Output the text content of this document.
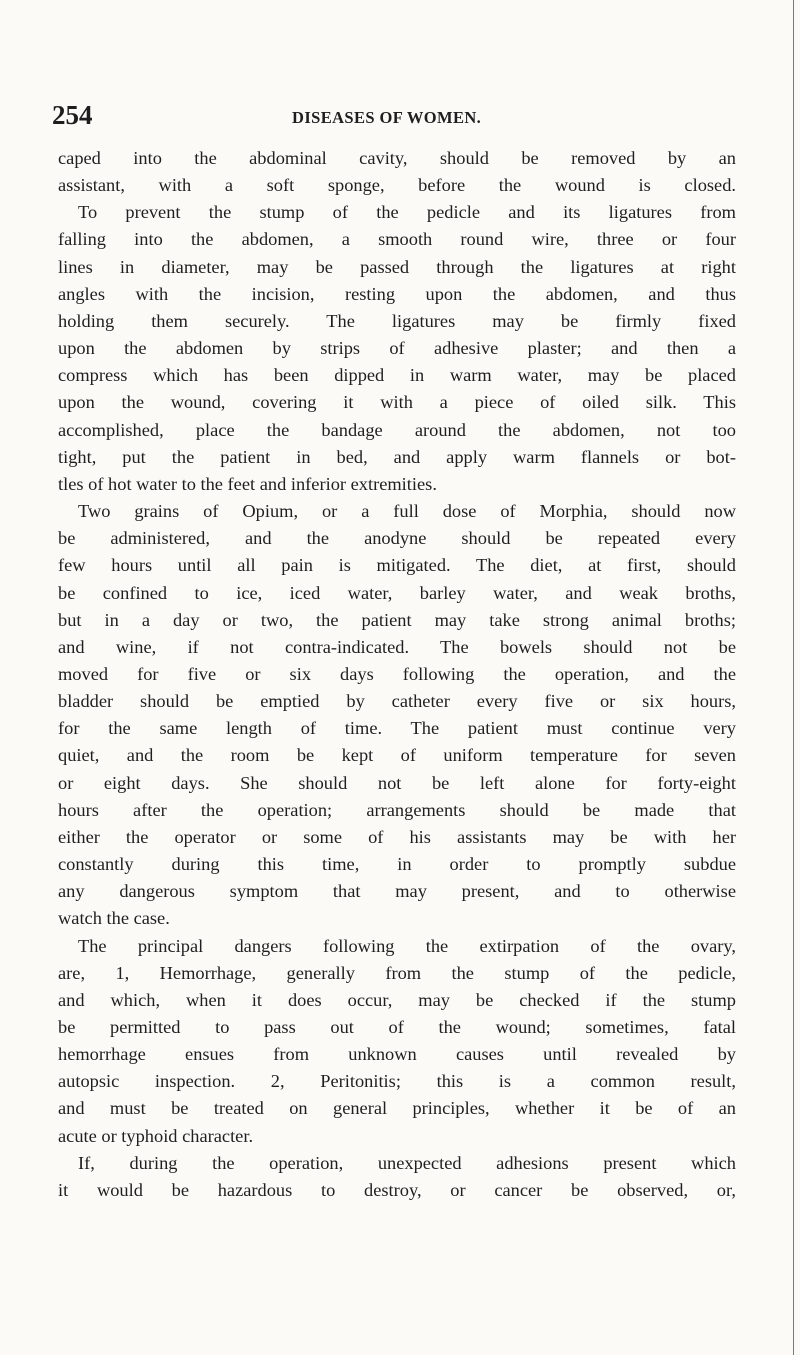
254	DISEASES OF WOMEN.
caped into the abdominal cavity, should be removed by an
assistant, with a soft sponge, before the wound is closed.
To prevent the stump of the pedicle and its ligatures from
falling into the abdomen, a smooth round wire, three or four
lines in diameter, may be passed through the ligatures at right
angles with the incision, resting upon the abdomen, and thus
holding them securely. The ligatures may be firmly fixed
upon the abdomen by strips of adhesive plaster; and then a
compress which has been dipped in warm water, may be placed
upon the wound, covering it with a piece of oiled silk. This
accomplished, place the bandage around the abdomen, not too
tight, put the patient in bed, and apply warm flannels or bot-
tles of hot water to the feet and inferior extremities.
Two grains of Opium, or a full dose of Morphia, should now
be administered, and the anodyne should be repeated every
few hours until all pain is mitigated. The diet, at first, should
be confined to ice, iced water, barley water, and weak broths,
but in a day or two, the patient may take strong animal broths;
and wine, if not contra-indicated. The bowels should not be
moved for five or six days following the operation, and the
bladder should be emptied by catheter every five or six hours,
for the same length of time. The patient must continue very
quiet, and the room be kept of uniform temperature for seven
or eight days. She should not be left alone for forty-eight
hours after the operation; arrangements should be made that
either the operator or some of his assistants may be with her
constantly during this time, in order to promptly subdue
any dangerous symptom that may present, and to otherwise
watch the case.
The principal dangers following the extirpation of the ovary,
are, 1, Hemorrhage, generally from the stump of the pedicle,
and which, when it does occur, may be checked if the stump
be permitted to pass out of the wound; sometimes, fatal
hemorrhage ensues from unknown causes until revealed by
autopsic inspection. 2, Peritonitis; this is a common result,
and must be treated on general principles, whether it be of an
acute or typhoid character.
If, during the operation, unexpected adhesions present which
it would be hazardous to destroy, or cancer be observed, or,
